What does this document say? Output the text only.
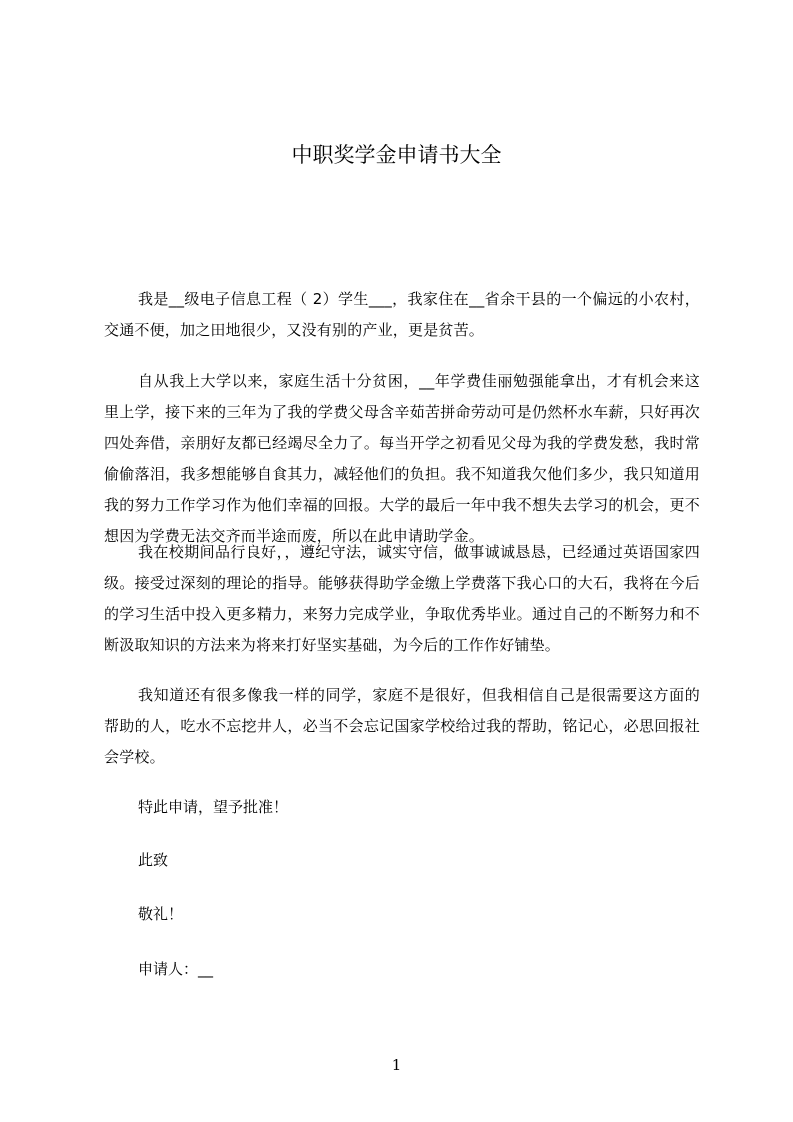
中职奖学金申请书大全

我是__级电子信息工程（ 2）学生___，我家住在__省余干县的一个偏远的小农村，交通不便，加之田地很少，又没有别的产业，更是贫苦。

自从我上大学以来，家庭生活十分贫困，__年学费佳丽勉强能拿出，才有机会来这里上学，接下来的三年为了我的学费父母含辛茹苦拼命劳动可是仍然杯水车薪，只好再次四处奔借，亲朋好友都已经竭尽全力了。每当开学之初看见父母为我的学费发愁，我时常偷偷落泪，我多想能够自食其力，减轻他们的负担。我不知道我欠他们多少，我只知道用我的努力工作学习作为他们幸福的回报。大学的最后一年中我不想失去学习的机会，更不想因为学费无法交齐而半途而废，所以在此申请助学金。

我在校期间品行良好，，遵纪守法，诚实守信，做事诚诚恳恳，已经通过英语国家四级。接受过深刻的理论的指导。能够获得助学金缴上学费落下我心口的大石，我将在今后的学习生活中投入更多精力，来努力完成学业，争取优秀毕业。通过自己的不断努力和不断汲取知识的方法来为将来打好坚实基础，为今后的工作作好铺垫。

我知道还有很多像我一样的同学，家庭不是很好，但我相信自己是很需要这方面的帮助的人，吃水不忘挖井人，必当不会忘记国家学校给过我的帮助，铭记心，必思回报社会学校。

特此申请，望予批准！

此致

敬礼！

申请人：__

1
